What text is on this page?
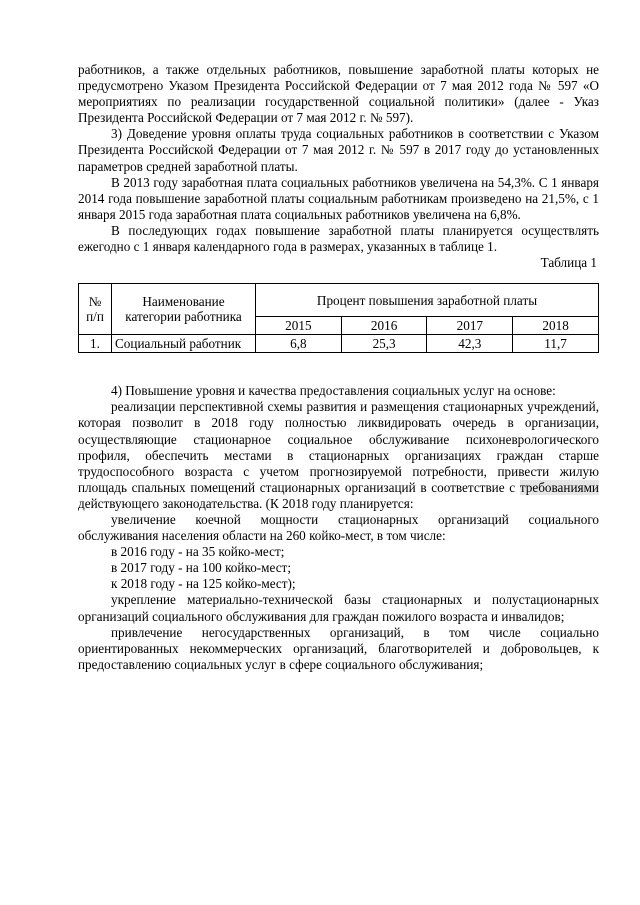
работников, а также отдельных работников, повышение заработной платы которых не предусмотрено Указом Президента Российской Федерации от 7 мая 2012 года № 597 «О мероприятиях по реализации государственной социальной политики» (далее - Указ Президента Российской Федерации от 7 мая 2012 г. № 597).

3) Доведение уровня оплаты труда социальных работников в соответствии с Указом Президента Российской Федерации от 7 мая 2012 г. № 597 в 2017 году до установленных параметров средней заработной платы.

В 2013 году заработная плата социальных работников увеличена на 54,3%. С 1 января 2014 года повышение заработной платы социальным работникам произведено на 21,5%, с 1 января 2015 года заработная плата социальных работников увеличена на 6,8%.

В последующих годах повышение заработной платы планируется осуществлять ежегодно с 1 января календарного года в размерах, указанных в таблице 1.

Таблица 1

№ п/п	Наименование категории работника	Процент повышения заработной платы			
		2015	2016	2017	2018
1.	Социальный работник	6,8	25,3	42,3	11,7

4) Повышение уровня и качества предоставления социальных услуг на основе:

реализации перспективной схемы развития и размещения стационарных учреждений, которая позволит в 2018 году полностью ликвидировать очередь в организации, осуществляющие стационарное социальное обслуживание психоневрологического профиля, обеспечить местами в стационарных организациях граждан старше трудоспособного возраста с учетом прогнозируемой потребности, привести жилую площадь спальных помещений стационарных организаций в соответствие с требованиями действующего законодательства. (К 2018 году планируется:

увеличение коечной мощности стационарных организаций социального обслуживания населения области на 260 койко-мест, в том числе:

в 2016 году - на 35 койко-мест;

в 2017 году - на 100 койко-мест;

к 2018 году - на 125 койко-мест);

укрепление материально-технической базы стационарных и полустационарных организаций социального обслуживания для граждан пожилого возраста и инвалидов;

привлечение негосударственных организаций, в том числе социально ориентированных некоммерческих организаций, благотворителей и добровольцев, к предоставлению социальных услуг в сфере социального обслуживания;
